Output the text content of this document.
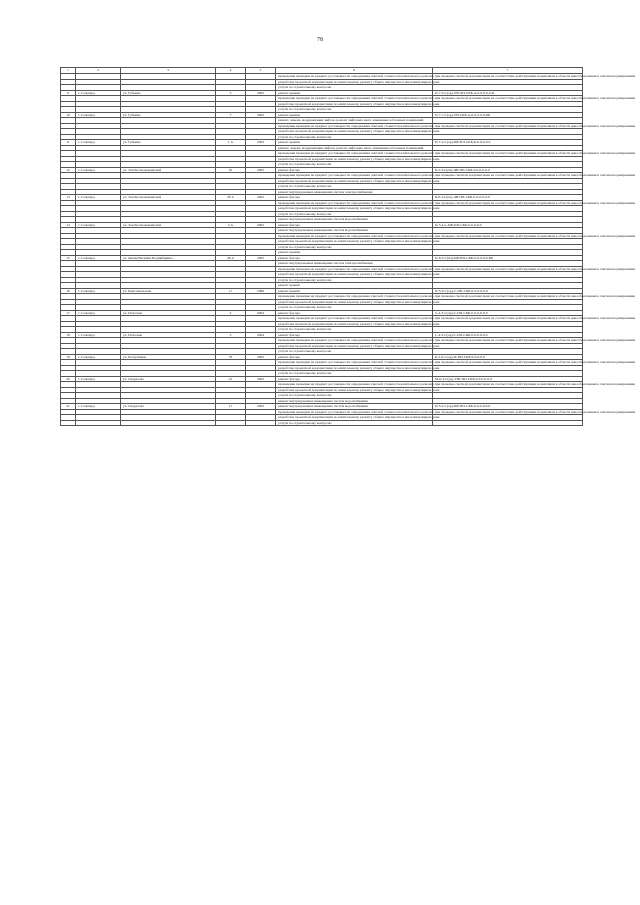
78
1	2	3	4	5	6	7
					проведение проверки на предмет достоверности определения сметной стоимости капитального ремонта при проверке сметной документации на соответствие действующим нормативам в области ценообразования в сметном нормировании	
					разработка проектной документации по капитальному ремонту общего имущества в многоквартирном доме	
					услуги по строительному контролю	
9	г. Салехард	ул. Губкина	5	2002	ремонт крыши	П-7-5-С(ор)-УВ-ЛП-СКБ-А-0-0-0-0-0-К
					проведение проверки на предмет достоверности определения сметной стоимости капитального ремонта при проверке сметной документации на соответствие действующим нормативам в области ценообразования в сметном нормировании	
					разработка проектной документации по капитальному ремонту общего имущества в многоквартирном доме	
					услуги по строительному контролю	
10	г. Салехард	ул. Губкина	7	2002	ремонт крыши	П-7-7-С(ор)-УВ-СКБ-А-0-0-0-0-0-КБ
					ремонт, замена, модернизация лифтов, ремонт лифтовых шахт, машинных и блочных помещений	
					проведение проверки на предмет достоверности определения сметной стоимости капитального ремонта при проверке сметной документации на соответствие действующим нормативам в области ценообразования в сметном нормировании	
					разработка проектной документации по капитальному ремонту общего имущества в многоквартирном доме	
					услуги по строительному контролю	
11	г. Салехард	ул. Губкина	1 А	2003	ремонт крыши	П-7-2-С(ор)-ЦВ-ПЛ-СКБ-Б-0-0-0-0-0
					ремонт, замена, модернизация лифтов, ремонт лифтовых шахт, машинных и блочных помещений	
					проведение проверки на предмет достоверности определения сметной стоимости капитального ремонта при проверке сметной документации на соответствие действующим нормативам в области ценообразования в сметном нормировании	
					разработка проектной документации по капитальному ремонту общего имущества в многоквартирном доме	
					услуги по строительному контролю	
12	г. Салехард	ул. Зои Космодемьянской	45	2002	ремонт фасада	Б-5-3-С(пч)-ЦВ-ПП-СКБ-0-0-0-0-0-0
					проведение проверки на предмет достоверности определения сметной стоимости капитального ремонта при проверке сметной документации на соответствие действующим нормативам в области ценообразования в сметном нормировании	
					разработка проектной документации по капитальному ремонту общего имущества в многоквартирном доме	
					услуги по строительному контролю	
					ремонт внутридомовых инженерных систем электроснабжения	
13	г. Салехард	ул. Зои Космодемьянской	39 А	2002	ремонт фасада	Б-6-3-С(пч)-ДВ-ПП-СКБ-0-0-0-0-0-0
					проведение проверки на предмет достоверности определения сметной стоимости капитального ремонта при проверке сметной документации на соответствие действующим нормативам в области ценообразования в сметном нормировании	
					разработка проектной документации по капитальному ремонту общего имущества в многоквартирном доме	
					услуги по строительному контролю	
					ремонт внутридомовых инженерных систем водоснабжения	
14	г. Салехард	ул. Зои Космодемьянской	5 А	2002	ремонт фасада	П-5-4-С-ЦВ-ПП-СКБ-0-0-0-0-0
					ремонт внутридомовых инженерных систем водоснабжения	
					проведение проверки на предмет достоверности определения сметной стоимости капитального ремонта при проверке сметной документации на соответствие действующим нормативам в области ценообразования в сметном нормировании	
					разработка проектной документации по капитальному ремонту общего имущества в многоквартирном доме	
					услуги по строительному контролю	
					ремонт крыши	
15	г. Салехард	ул. имени Василия Подшибякина	46 А	2002	ремонт фасада	П-6-5-С(пч)-ЦВ-ПП-СКБ-0-0-0-0-0-КБ
					ремонт внутридомовых инженерных систем электроснабжения	
					проведение проверки на предмет достоверности определения сметной стоимости капитального ремонта при проверке сметной документации на соответствие действующим нормативам в области ценообразования в сметном нормировании	
					разработка проектной документации по капитальному ремонту общего имущества в многоквартирном доме	
					услуги по строительному контролю	
					ремонт крыши	
16	г. Салехард	ул. Комсомольская	17	1999	ремонт крыши	П-5-3-С(ор)-С-ПП-СКБ-0-0-0-0-0-0
					проведение проверки на предмет достоверности определения сметной стоимости капитального ремонта при проверке сметной документации на соответствие действующим нормативам в области ценообразования в сметном нормировании	
					разработка проектной документации по капитальному ремонту общего имущества в многоквартирном доме	
					услуги по строительному контролю	
17	г. Салехард	ул. Почтовая	2	2004	ремонт фасада	С-4-3-С(ор)-С-ПП-СКБ-0-0-0-0-0-0
					проведение проверки на предмет достоверности определения сметной стоимости капитального ремонта при проверке сметной документации на соответствие действующим нормативам в области ценообразования в сметном нормировании	
					разработка проектной документации по капитальному ремонту общего имущества в многоквартирном доме	
					услуги по строительному контролю	
18	г. Салехард	ул. Почтовая	3	2004	ремонт фасада	С-4-3-С(ор)-С-ПП-СКБ-0-0-0-0-0-0
					проведение проверки на предмет достоверности определения сметной стоимости капитального ремонта при проверке сметной документации на соответствие действующим нормативам в области ценообразования в сметном нормировании	
					разработка проектной документации по капитальному ремонту общего имущества в многоквартирном доме	
					услуги по строительному контролю	
19	г. Салехард	ул. Республики	76	2002	ремонт фасада	К-5-6-С(ор)-Ф-ПП-СКБ-0-0-0-0-0
					проведение проверки на предмет достоверности определения сметной стоимости капитального ремонта при проверке сметной документации на соответствие действующим нормативам в области ценообразования в сметном нормировании	
					разработка проектной документации по капитальному ремонту общего имущества в многоквартирном доме	
					услуги по строительному контролю	
20	г. Салехард	ул. Свердлова	41	2002	ремонт фасада	М-6-4-С(ор)-УШ-ПП-СКБ-0-0-0-0-0-0
					проведение проверки на предмет достоверности определения сметной стоимости капитального ремонта при проверке сметной документации на соответствие действующим нормативам в области ценообразования в сметном нормировании	
					разработка проектной документации по капитальному ремонту общего имущества в многоквартирном доме	
					услуги по строительному контролю	
					ремонт внутридомовых инженерных систем водоснабжения	
21	г. Салехард	ул. Свердлова	17	2002	ремонт внутридомовых инженерных систем водоснабжения	П-5-2-С(ор)-ЦВ-ПП-СКБ-0-0-0-0-0-0
					проведение проверки на предмет достоверности определения сметной стоимости капитального ремонта при проверке сметной документации на соответствие действующим нормативам в области ценообразования в сметном нормировании	
					разработка проектной документации по капитальному ремонту общего имущества в многоквартирном доме	
					услуги по строительному контролю	
